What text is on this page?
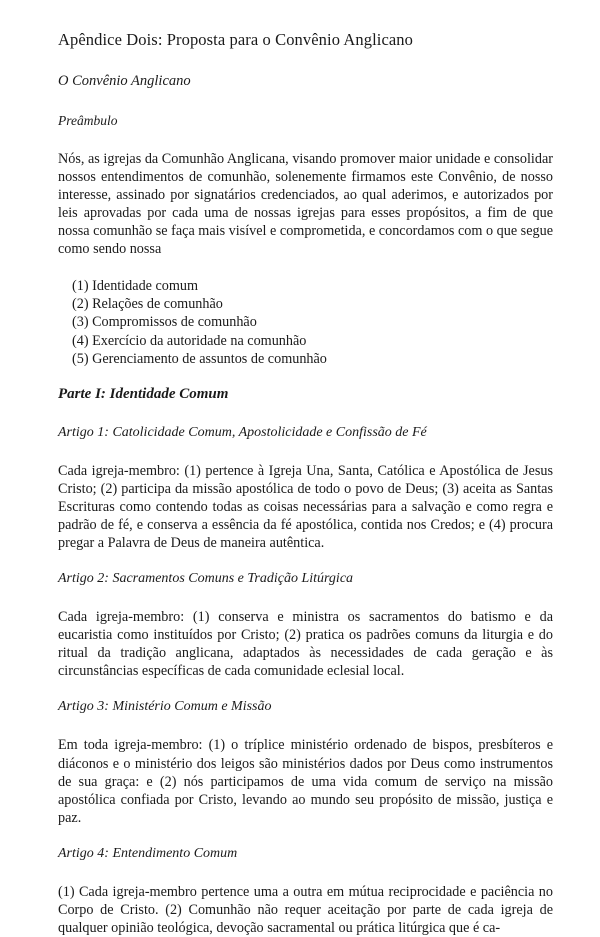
Apêndice Dois: Proposta para o Convênio Anglicano
O Convênio Anglicano
Preâmbulo

Nós, as igrejas da Comunhão Anglicana, visando promover maior unidade e consolidar nossos entendimentos de comunhão, solenemente firmamos este Convênio, de nosso interesse, assinado por signatários credenciados, ao qual aderimos, e autorizados por leis aprovadas por cada uma de nossas igrejas para esses propósitos, a fim de que nossa comunhão se faça mais visível e comprometida, e concordamos com o que segue como sendo nossa

(1) Identidade comum
(2) Relações de comunhão
(3) Compromissos de comunhão
(4) Exercício da autoridade na comunhão
(5) Gerenciamento de assuntos de comunhão
Parte I: Identidade Comum
Artigo 1: Catolicidade Comum, Apostolicidade e Confissão de Fé

Cada igreja-membro: (1) pertence à Igreja Una, Santa, Católica e Apostólica de Jesus Cristo; (2) participa da missão apostólica de todo o povo de Deus; (3) aceita as Santas Escrituras como contendo todas as coisas necessárias para a salvação e como regra e padrão de fé, e conserva a essência da fé apostólica, contida nos Credos; e (4) procura pregar a Palavra de Deus de maneira autêntica.

Artigo 2: Sacramentos Comuns e Tradição Litúrgica

Cada igreja-membro: (1) conserva e ministra os sacramentos do batismo e da eucaristia como instituídos por Cristo; (2) pratica os padrões comuns da liturgia e do ritual da tradição anglicana, adaptados às necessidades de cada geração e às circunstâncias específicas de cada comunidade eclesial local.

Artigo 3: Ministério Comum e Missão

Em toda igreja-membro: (1) o tríplice ministério ordenado de bispos, presbíteros e diáconos e o ministério dos leigos são ministérios dados por Deus como instrumentos de sua graça: e (2) nós participamos de uma vida comum de serviço na missão apostólica confiada por Cristo, levando ao mundo seu propósito de missão, justiça e paz.

Artigo 4: Entendimento Comum

(1) Cada igreja-membro pertence uma a outra em mútua reciprocidade e paciência no Corpo de Cristo. (2) Comunhão não requer aceitação por parte de cada igreja de qualquer opinião teológica, devoção sacramental ou prática litúrgica que é ca-
